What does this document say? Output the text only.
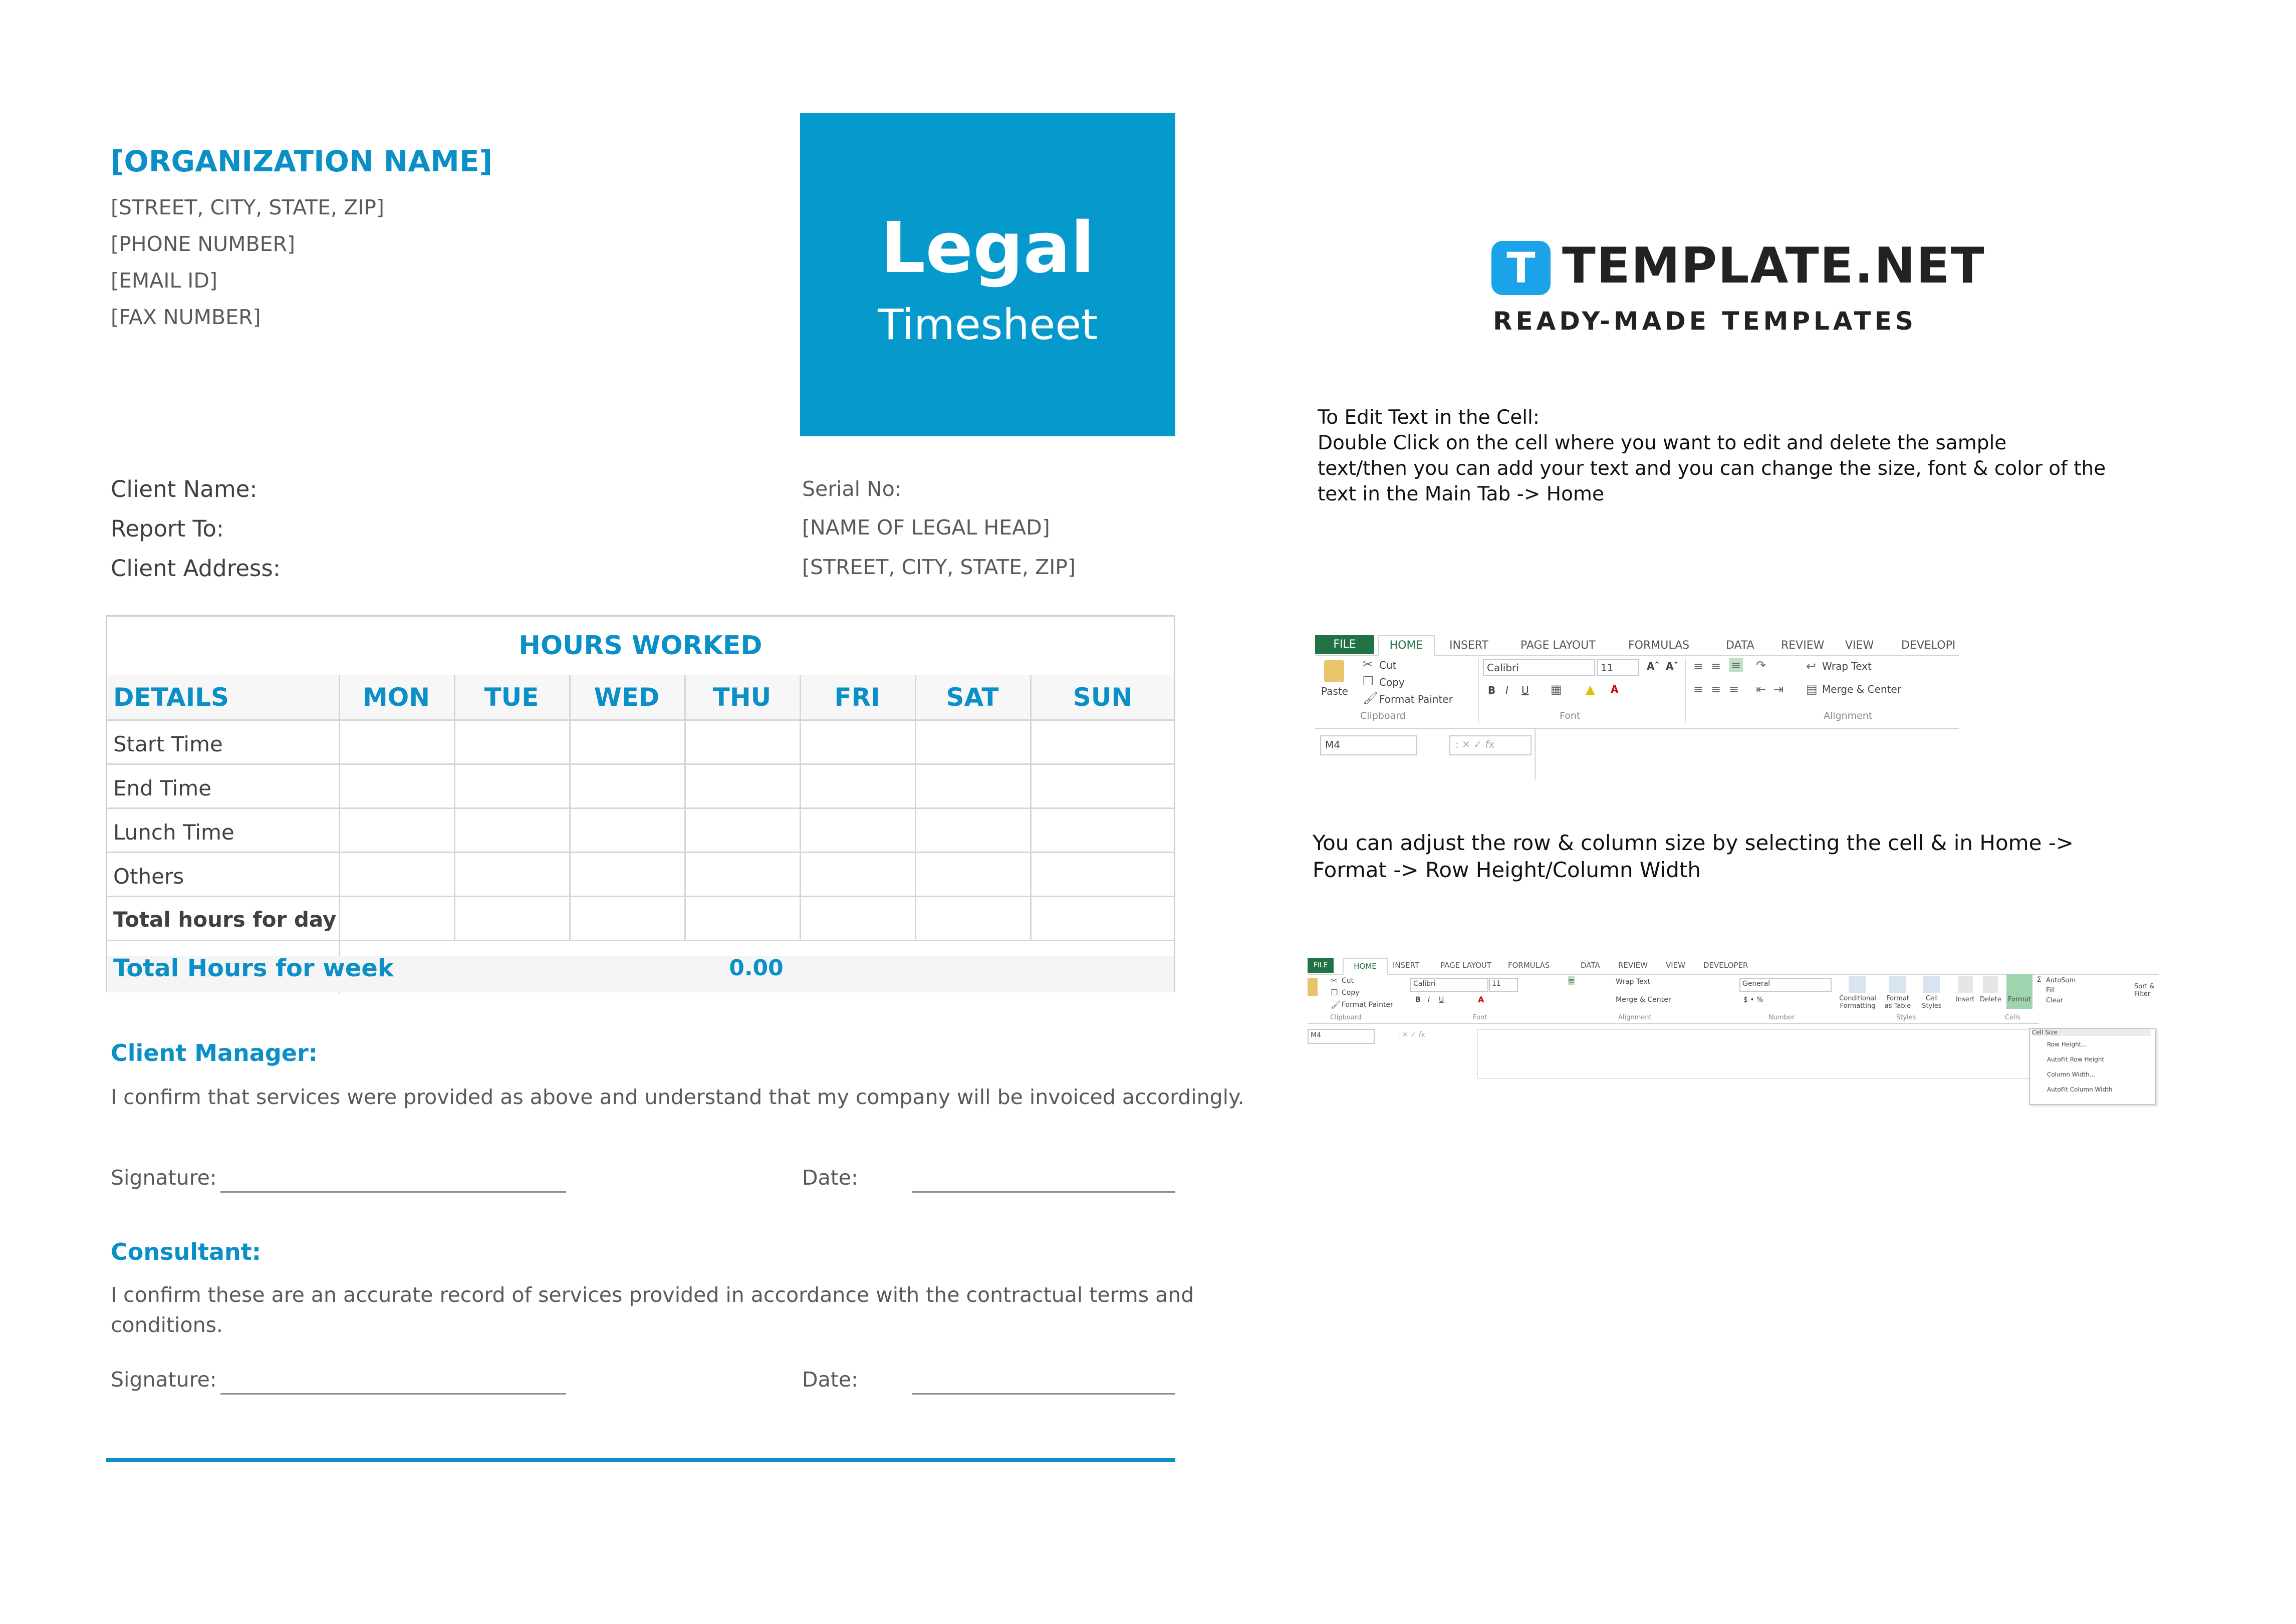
[ORGANIZATION NAME]
[STREET, CITY, STATE, ZIP]
[PHONE NUMBER]
[EMAIL ID]
[FAX NUMBER]
Legal
Timesheet
Client Name:
Report To:
Client Address:
Serial No:
[NAME OF LEGAL HEAD]
[STREET, CITY, STATE, ZIP]
HOURS WORKED
DETAILS	MON	TUE	WED	THU	FRI	SAT	SUN
Start Time
End Time
Lunch Time
Others
Total hours for day
Total Hours for week	0.00
Client Manager:
I confirm that services were provided as above and understand that my company will be invoiced accordingly.
Signature:	Date:
Consultant:
I confirm these are an accurate record of services provided in accordance with the contractual terms and
conditions.
Signature:	Date:
T TEMPLATE.NET
READY-MADE TEMPLATES
To Edit Text in the Cell:
Double Click on the cell where you want to edit and delete the sample
text/then you can add your text and you can change the size, font & color of the
text in the Main Tab -> Home
You can adjust the row & column size by selecting the cell & in Home ->
Format -> Row Height/Column Width
FILE	HOME	INSERT	PAGE LAYOUT	FORMULAS	DATA REVIEW VIEW DEVELOPI
Paste
✂ Cut
❐ Copy
🖌 Format Painter
Clipboard
Calibri	11	Aˆ Aˇ
B I U ▦ ▲ A
Font
≡ ≡ ≡ ↷
≡ ≡ ≡ ⇤ ⇥
↩ Wrap Text
▤ Merge & Center
Alignment
M4	: ✕ ✓ fx
FILE	HOME	INSERT	PAGE LAYOUT FORMULAS	DATA REVIEW VIEW DEVELOPER
✂ Cut
❐ Copy
🖌 Format Painter
Clipboard
Calibri	11
B I U	A
Font
≡	Wrap Text
Merge & Center
Alignment
General
$ • %
Number
Conditional Formatting
Format as Table
Cell Styles
Styles
Insert Delete Format
Cells
Σ AutoSum
Fill
Clear
Sort & Filter
M4	: ✕ ✓ fx	Cell Size
Row Height...
AutoFit Row Height
Column Width...
AutoFit Column Width
